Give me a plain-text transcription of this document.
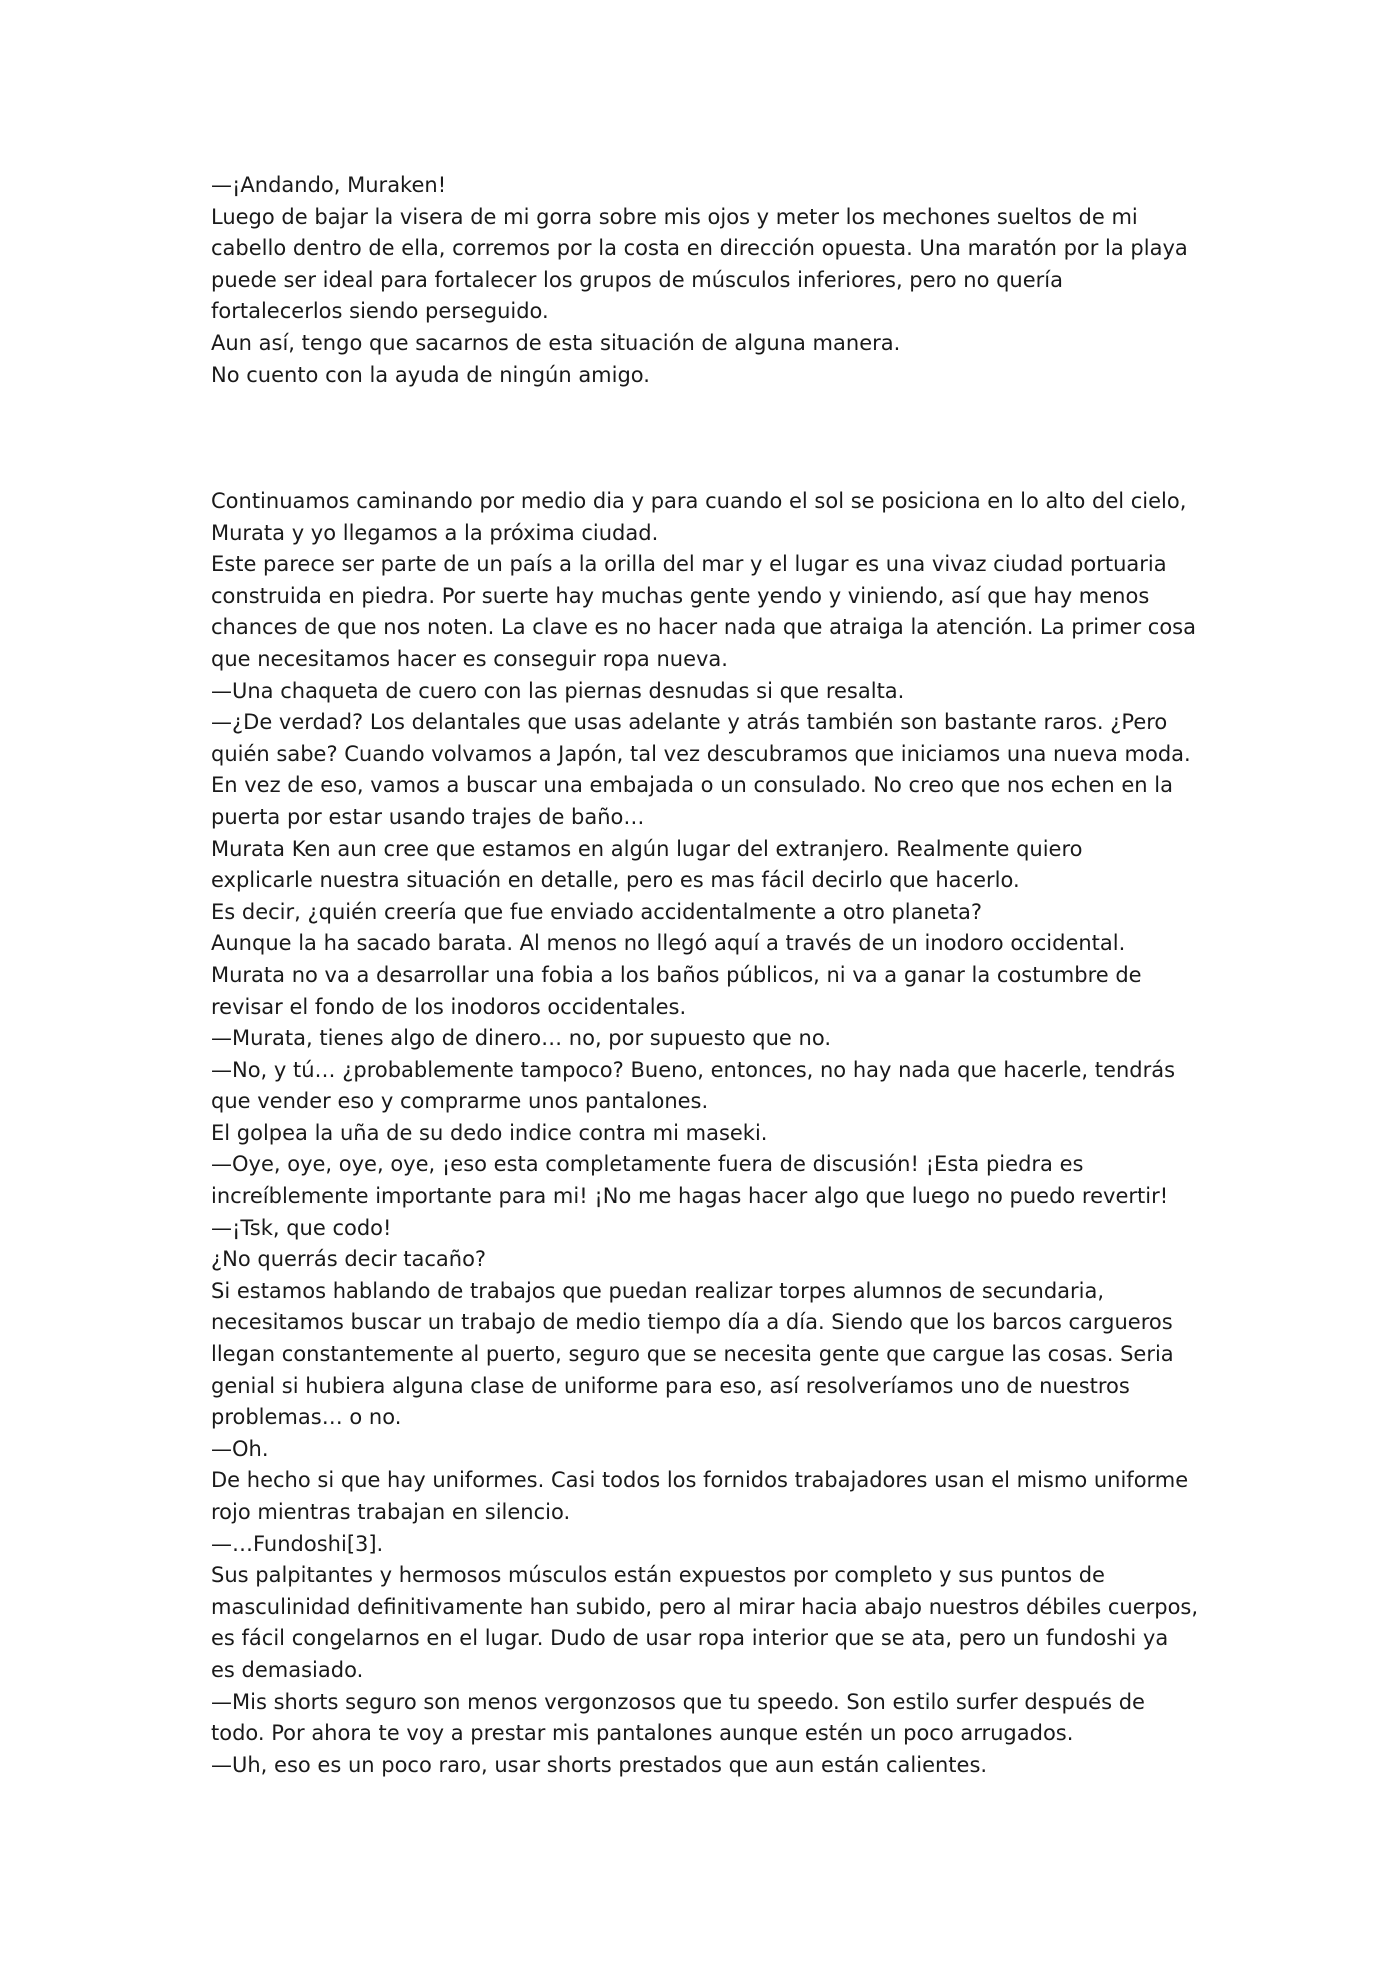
—¡Andando, Muraken!

Luego de bajar la visera de mi gorra sobre mis ojos y meter los mechones sueltos de mi

cabello dentro de ella, corremos por la costa en dirección opuesta. Una maratón por la playa

puede ser ideal para fortalecer los grupos de músculos inferiores, pero no quería

fortalecerlos siendo perseguido.

Aun así, tengo que sacarnos de esta situación de alguna manera.

No cuento con la ayuda de ningún amigo.

Continuamos caminando por medio dia y para cuando el sol se posiciona en lo alto del cielo,

Murata y yo llegamos a la próxima ciudad.

Este parece ser parte de un país a la orilla del mar y el lugar es una vivaz ciudad portuaria

construida en piedra. Por suerte hay muchas gente yendo y viniendo, así que hay menos

chances de que nos noten. La clave es no hacer nada que atraiga la atención. La primer cosa

que necesitamos hacer es conseguir ropa nueva.

—Una chaqueta de cuero con las piernas desnudas si que resalta.

—¿De verdad? Los delantales que usas adelante y atrás también son bastante raros. ¿Pero

quién sabe? Cuando volvamos a Japón, tal vez descubramos que iniciamos una nueva moda.

En vez de eso, vamos a buscar una embajada o un consulado. No creo que nos echen en la

puerta por estar usando trajes de baño…

Murata Ken aun cree que estamos en algún lugar del extranjero. Realmente quiero

explicarle nuestra situación en detalle, pero es mas fácil decirlo que hacerlo.

Es decir, ¿quién creería que fue enviado accidentalmente a otro planeta?

Aunque la ha sacado barata. Al menos no llegó aquí a través de un inodoro occidental.

Murata no va a desarrollar una fobia a los baños públicos, ni va a ganar la costumbre de

revisar el fondo de los inodoros occidentales.

—Murata, tienes algo de dinero… no, por supuesto que no.

—No, y tú… ¿probablemente tampoco? Bueno, entonces, no hay nada que hacerle, tendrás

que vender eso y comprarme unos pantalones.

El golpea la uña de su dedo indice contra mi maseki.

—Oye, oye, oye, oye, ¡eso esta completamente fuera de discusión! ¡Esta piedra es

increíblemente importante para mi! ¡No me hagas hacer algo que luego no puedo revertir!

—¡Tsk, que codo!

¿No querrás decir tacaño?

Si estamos hablando de trabajos que puedan realizar torpes alumnos de secundaria,

necesitamos buscar un trabajo de medio tiempo día a día. Siendo que los barcos cargueros

llegan constantemente al puerto, seguro que se necesita gente que cargue las cosas. Seria

genial si hubiera alguna clase de uniforme para eso, así resolveríamos uno de nuestros

problemas… o no.

—Oh.

De hecho si que hay uniformes. Casi todos los fornidos trabajadores usan el mismo uniforme

rojo mientras trabajan en silencio.

—…Fundoshi[3].

Sus palpitantes y hermosos músculos están expuestos por completo y sus puntos de

masculinidad definitivamente han subido, pero al mirar hacia abajo nuestros débiles cuerpos,

es fácil congelarnos en el lugar. Dudo de usar ropa interior que se ata, pero un fundoshi ya

es demasiado.

—Mis shorts seguro son menos vergonzosos que tu speedo. Son estilo surfer después de

todo. Por ahora te voy a prestar mis pantalones aunque estén un poco arrugados.

—Uh, eso es un poco raro, usar shorts prestados que aun están calientes.
